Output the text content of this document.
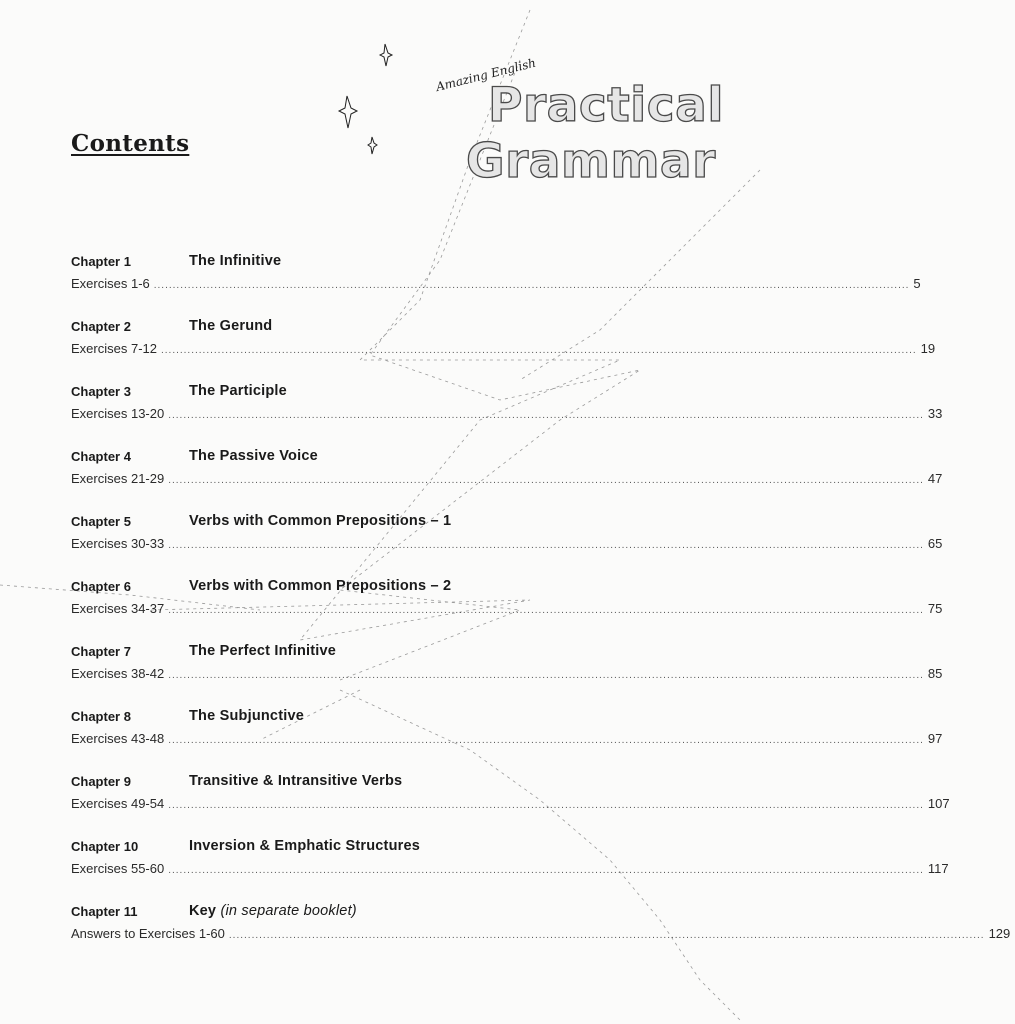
Contents
Amazing English
Practical
Grammar
Chapter 1	The Infinitive
Exercises 1-6 ........................................................................................................................................................................................................ 5
Chapter 2	The Gerund
Exercises 7-12 ........................................................................................................................................................................................................ 19
Chapter 3	The Participle
Exercises 13-20 ........................................................................................................................................................................................................ 33
Chapter 4	The Passive Voice
Exercises 21-29 ........................................................................................................................................................................................................ 47
Chapter 5	Verbs with Common Prepositions – 1
Exercises 30-33 ........................................................................................................................................................................................................ 65
Chapter 6	Verbs with Common Prepositions – 2
Exercises 34-37 ........................................................................................................................................................................................................ 75
Chapter 7	The Perfect Infinitive
Exercises 38-42 ........................................................................................................................................................................................................ 85
Chapter 8	The Subjunctive
Exercises 43-48 ........................................................................................................................................................................................................ 97
Chapter 9	Transitive & Intransitive Verbs
Exercises 49-54 ........................................................................................................................................................................................................ 107
Chapter 10	Inversion & Emphatic Structures
Exercises 55-60 ........................................................................................................................................................................................................ 117
Chapter 11	Key (in separate booklet)
Answers to Exercises 1-60 ........................................................................................................................................................................................................ 129
